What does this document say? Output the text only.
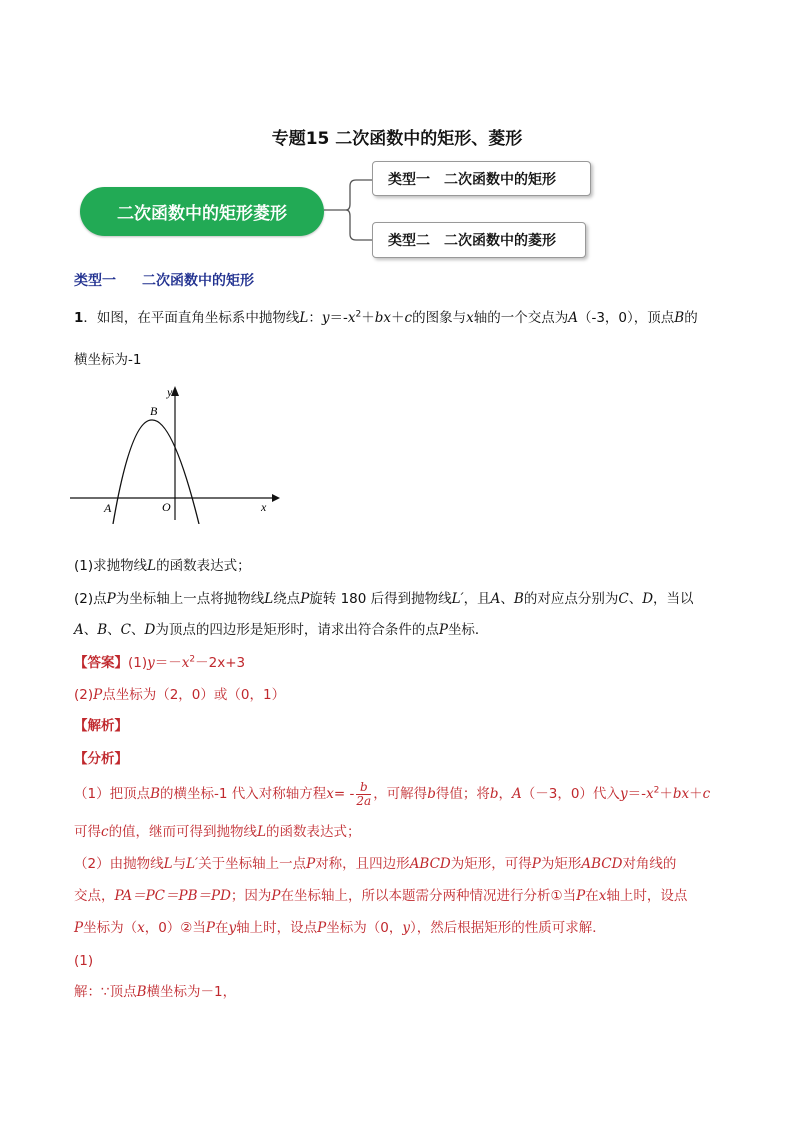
专题15 二次函数中的矩形、菱形
二次函数中的矩形菱形
类型一　二次函数中的矩形
类型二　二次函数中的菱形
类型一 二次函数中的矩形
1．如图，在平面直角坐标系中抛物线L：$y=-x^2+bx+c$的图象与x轴的一个交点为A（-3，0），顶点B的
横坐标为-1
y
x
B
A	O
(1)求抛物线L的函数表达式；
(2)点P为坐标轴上一点将抛物线L绕点P旋转 180 后得到抛物线L′，且A、B的对应点分别为C、D，当以
A、B、C、D为顶点的四边形是矩形时，请求出符合条件的点P坐标．
【答案】$(1)y=-x^2-2x+3$
(2)P点坐标为（2，0）或（0，1）
【解析】
【分析】
（1）把顶点B的横坐标-1 代入对称轴方程$x= - \frac{b}{2a}$ ，可解得b得值；将b，A（－3，0）代入$y=-x^2+bx+c$
可得c的值，继而可得到抛物线L的函数表达式；
（2）由抛物线L与L′关于坐标轴上一点P对称，且四边形ABCD为矩形，可得P为矩形ABCD对角线的
交点，PA＝PC＝PB＝PD；因为P在坐标轴上，所以本题需分两种情况进行分析①当P在x轴上时，设点
P坐标为（x，0）②当P在y轴上时，设点P坐标为（0，y），然后根据矩形的性质可求解．
(1)
解：∵顶点B横坐标为－1，
